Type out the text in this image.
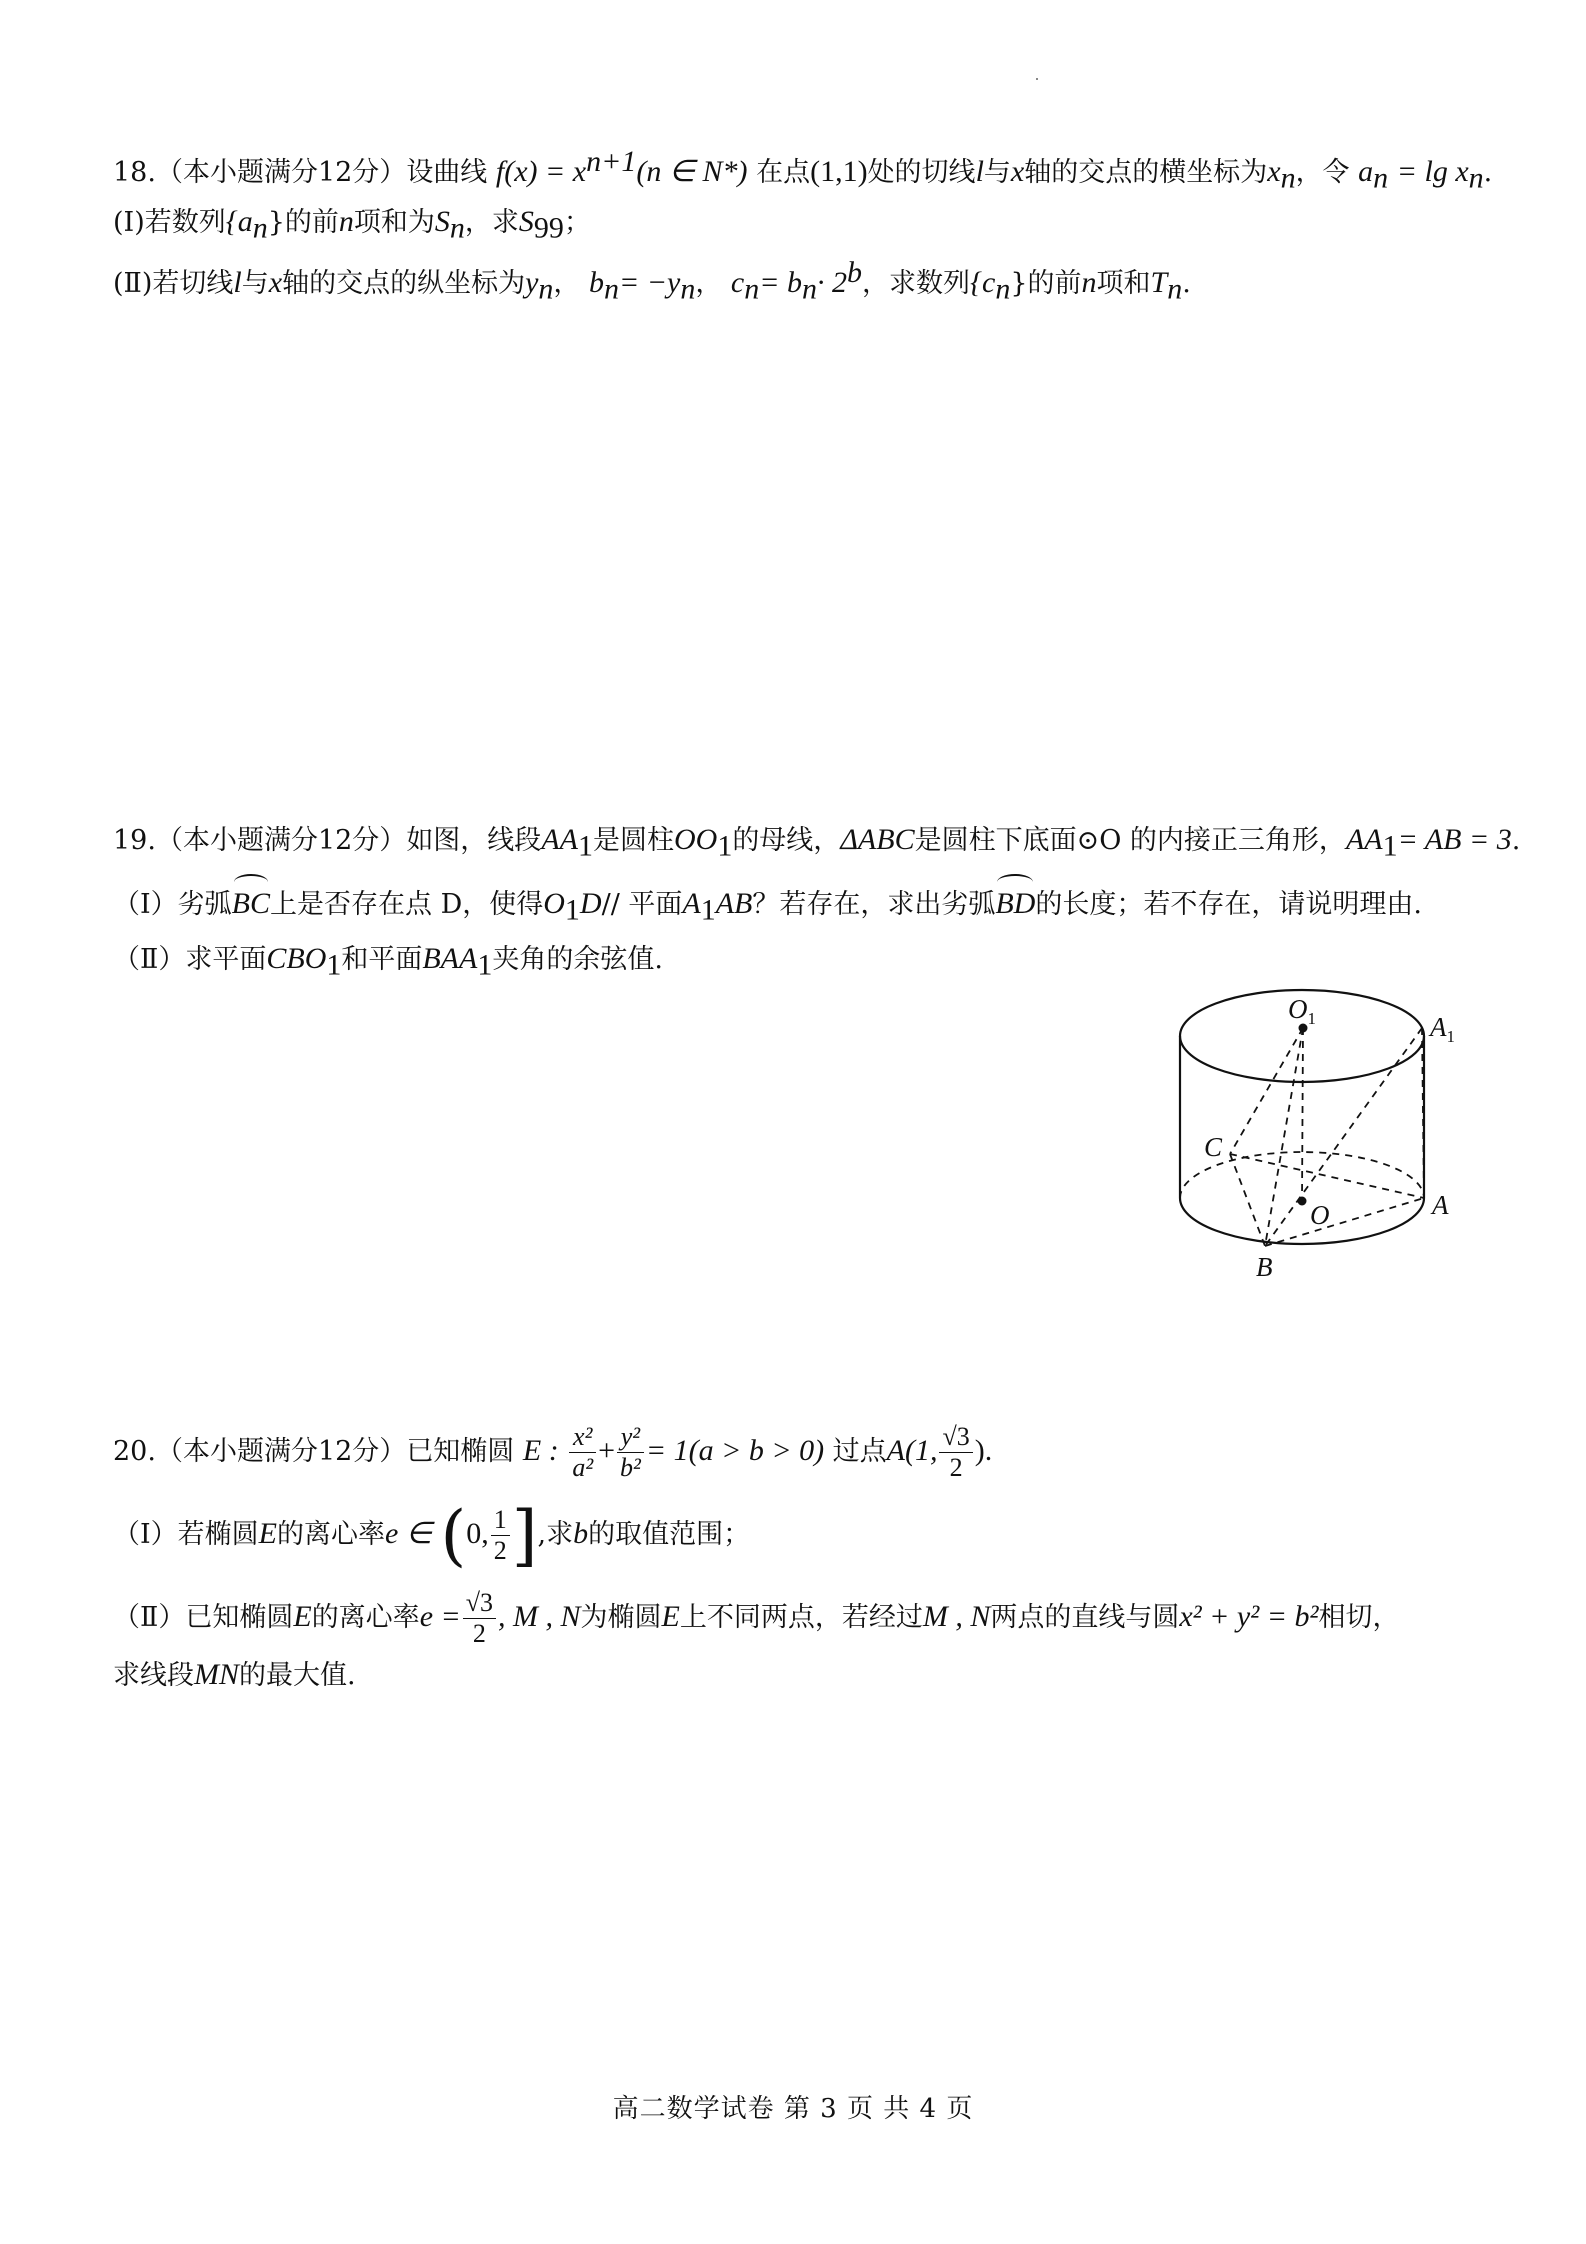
18.（本小题满分12分）设曲线 $f(x) = x^{n+1}(n$ ∈ N*) 在点(1,1)处的切线l与x轴的交点的横坐标为$x_n$，令 $a_n = \lg x_n$.
(Ⅰ)若数列$\{a_n\}$的前n项和为$S_n$，求$S_{99}$；
(Ⅱ)若切线l与x轴的交点的纵坐标为$y_n$， $b_n= -y_n$， $c_n= b_n\cdot 2^b$，求数列$\{c_n\}$的前n项和$T_n$.
19.（本小题满分12分）如图，线段$AA_1$是圆柱$OO_1$的母线，ΔABC是圆柱下底面⊙O 的内接正三角形，$AA_1=$ AB = 3.
（Ⅰ）劣弧BC上是否存在点 D，使得$O_1D//$ 平面$A_1AB$？若存在，求出劣弧BD的长度；若不存在，请说明理由.
（Ⅱ）求平面$CBO_1$和平面$BAA_1$夹角的余弦值.
$O_1$	$A_1$
C
O	A
B
20.（本小题满分12分）已知椭圆 E : $\frac{\text{x²}}{\text{a²}} + \frac{\text{y²}}{\text{b²}} = 1(a > b > 0)$ 过点A(1, $\frac{√3}{2}$ ).
（Ⅰ）若椭圆E的离心率e ∈ (0, $\frac{1}{2}$ ],求b的取值范围；
（Ⅱ）已知椭圆E的离心率$e = \frac{√3}{2}$ , M , N为椭圆E上不同两点，若经过M , N两点的直线与圆x² + y² = b²相切，
求线段MN的最大值.
高二数学试卷 第 3 页 共 4 页
